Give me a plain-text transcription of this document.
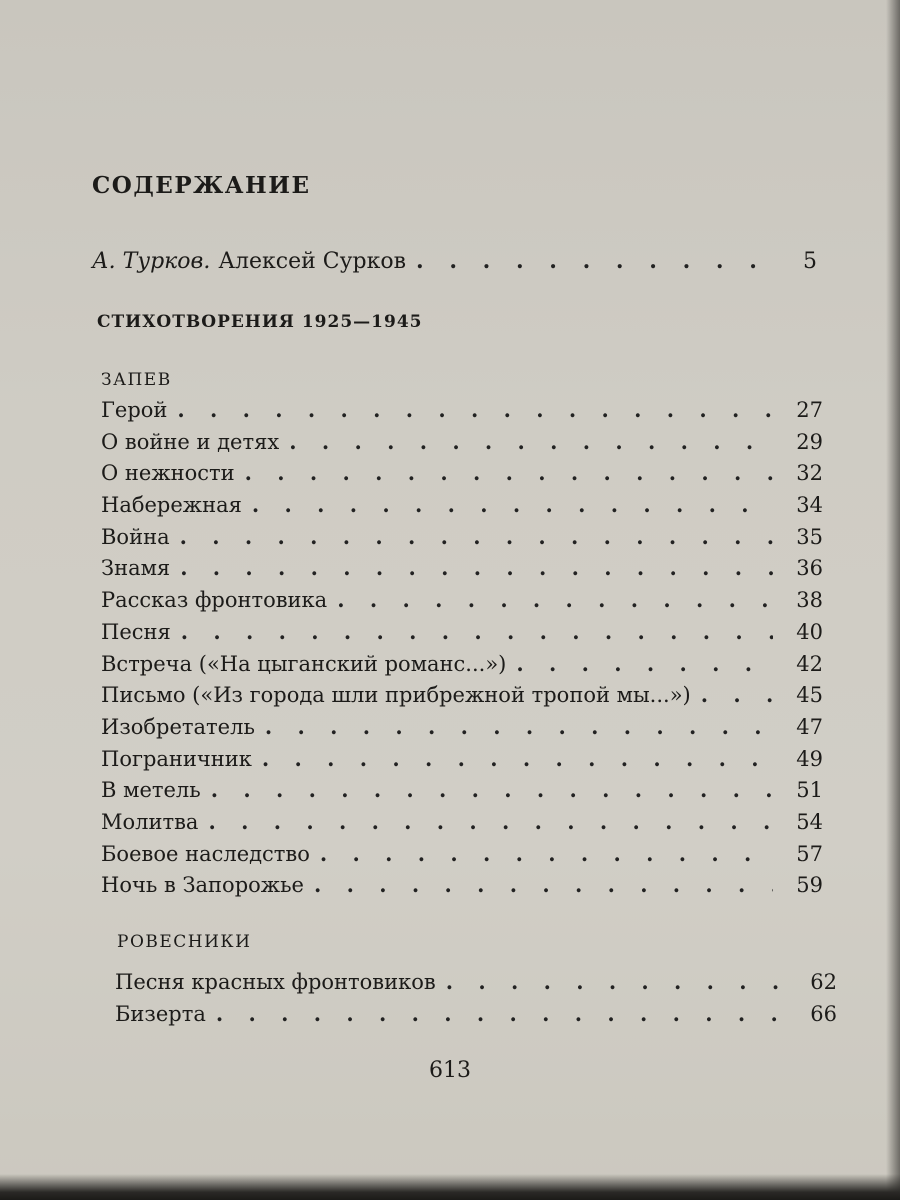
СОДЕРЖАНИЕ
А. Турков. Алексей Сурков . . .	5
СТИХОТВОРЕНИЯ 1925—1945
ЗАПЕВ
Герой . . .	27
О войне и детях . . .	29
О нежности . . .	32
Набережная . . .	34
Война . . .	35
Знамя . . .	36
Рассказ фронтовика . . .	38
Песня . . .	40
Встреча («На цыганский романс...») . . .	42
Письмо («Из города шли прибрежной тропой мы...») . . .	45
Изобретатель . . .	47
Пограничник . . .	49
В метель . . .	51
Молитва . . .	54
Боевое наследство . . .	57
Ночь в Запорожье . . .	59
РОВЕСНИКИ
Песня красных фронтовиков . . .	62
Бизерта . . .	66
613
